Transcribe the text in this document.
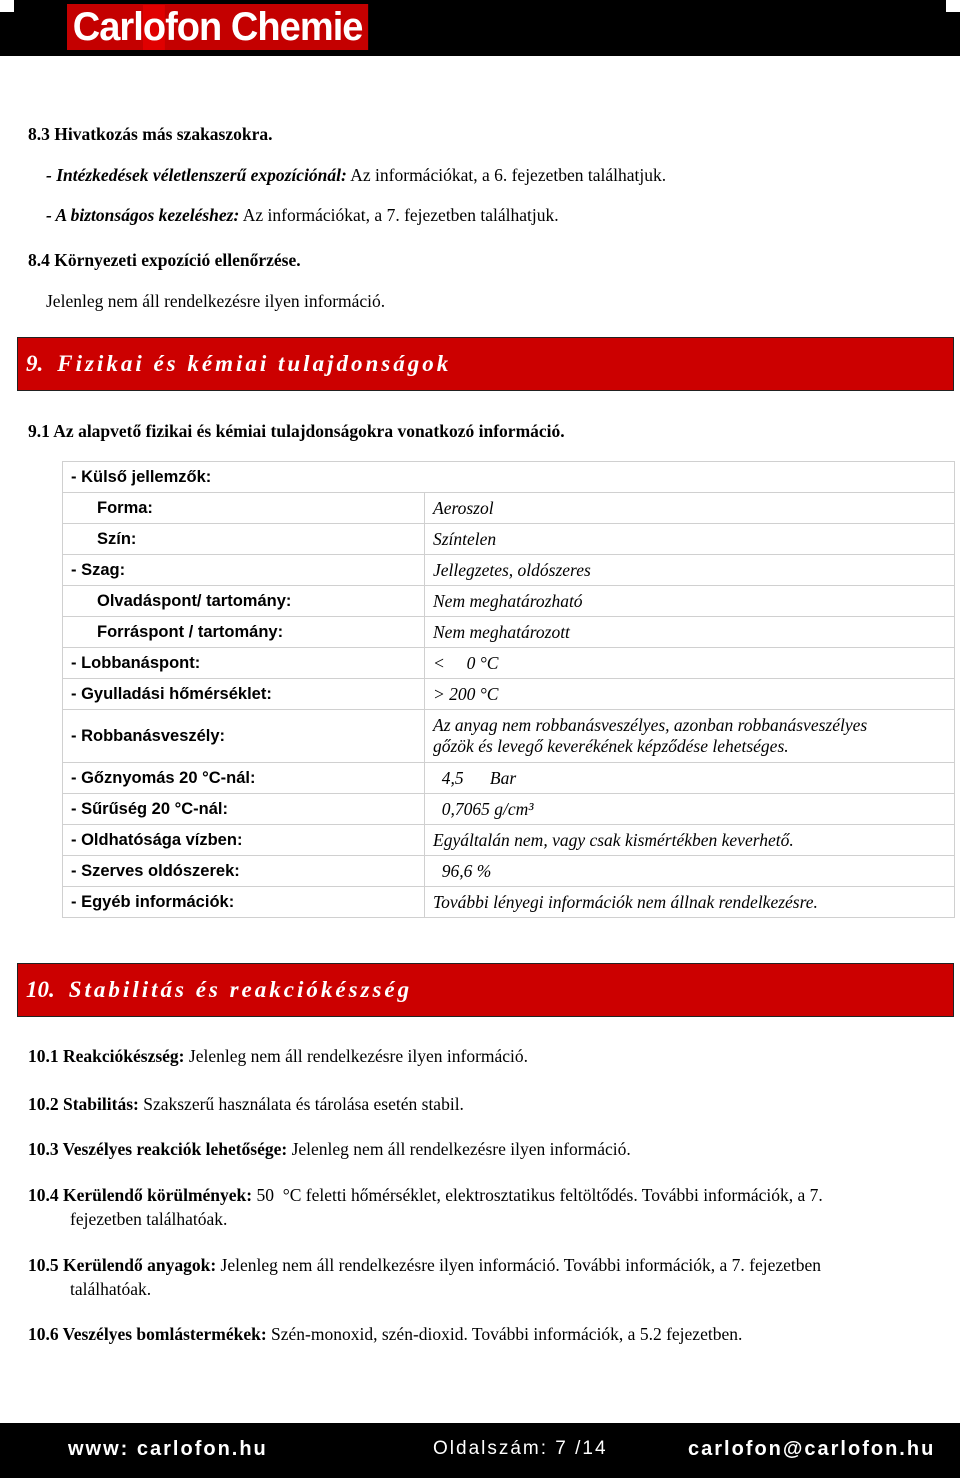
Carl o fon Chemie
8.3 Hivatkozás más szakaszokra.
- Intézkedések véletlenszerű expozíciónál: Az információkat, a 6. fejezetben találhatjuk.
- A biztonságos kezeléshez: Az információkat, a 7. fejezetben találhatjuk.
8.4 Környezeti expozíció ellenőrzése.
Jelenleg nem áll rendelkezésre ilyen információ.
9. Fizikai és kémiai tulajdonságok
9.1 Az alapvető fizikai és kémiai tulajdonságokra vonatkozó információ.
- Külső jellemzők:	
Forma:	Aeroszol
Szín:	Színtelen
- Szag:	Jellegzetes, oldószeres
Olvadáspont/ tartomány:	Nem meghatározható
Forráspont / tartomány:	Nem meghatározott
- Lobbanáspont:	<     0 °C
- Gyulladási hőmérséklet:	> 200 °C
- Robbanásveszély:	Az anyag nem robbanásveszélyes, azonban robbanásveszélyes
gőzök és levegő keverékének képződése lehetséges.
- Gőznyomás 20 °C-nál:	4,5      Bar
- Sűrűség 20 °C-nál:	0,7065 g/cm³
- Oldhatósága vízben:	Egyáltalán nem, vagy csak kismértékben keverhető.
- Szerves oldószerek:	96,6 %
- Egyéb információk:	További lényegi információk nem állnak rendelkezésre.
10. Stabilitás és reakciókészség
10.1 Reakciókészség: Jelenleg nem áll rendelkezésre ilyen információ.
10.2 Stabilitás: Szakszerű használata és tárolása esetén stabil.
10.3 Veszélyes reakciók lehetősége: Jelenleg nem áll rendelkezésre ilyen információ.
10.4 Kerülendő körülmények: 50  °C feletti hőmérséklet, elektrosztatikus feltöltődés. További információk, a 7.
fejezetben találhatóak.
10.5 Kerülendő anyagok: Jelenleg nem áll rendelkezésre ilyen információ. További információk, a 7. fejezetben
találhatóak.
10.6 Veszélyes bomlástermékek: Szén-monoxid, szén-dioxid. További információk, a 5.2 fejezetben.
www: carlofon.hu	Oldalszám: 7 /14	carlofon@carlofon.hu
